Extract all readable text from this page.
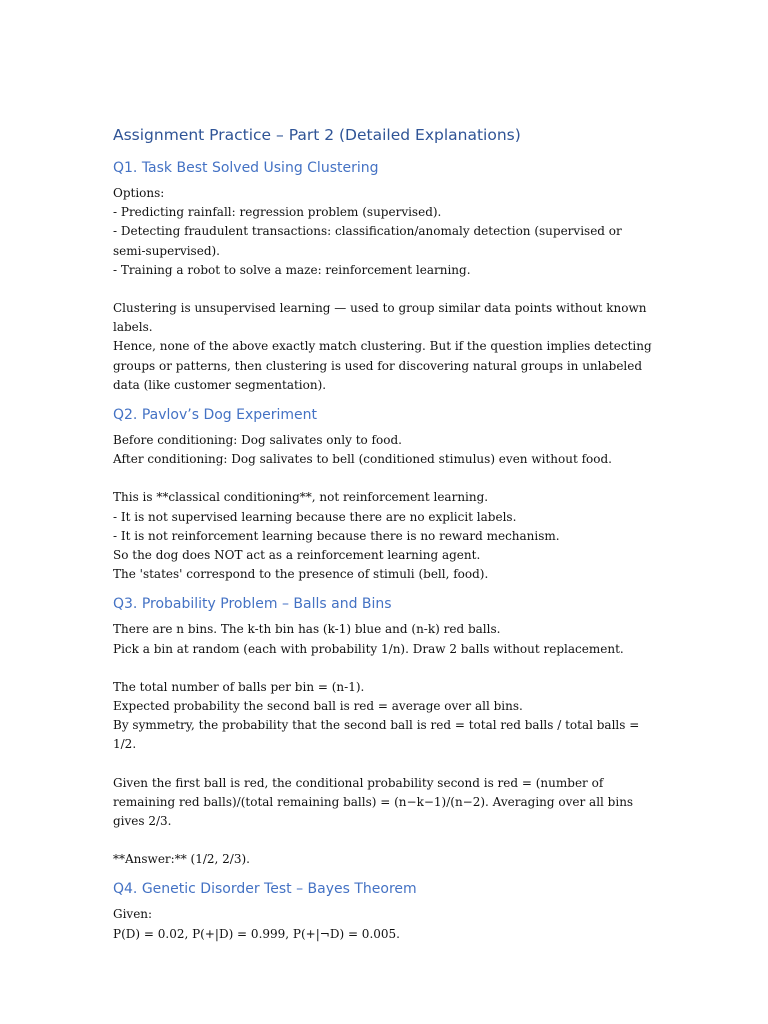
Assignment Practice – Part 2 (Detailed Explanations)
Q1. Task Best Solved Using Clustering
Options:
- Predicting rainfall: regression problem (supervised).
- Detecting fraudulent transactions: classification/anomaly detection (supervised or semi-supervised).
- Training a robot to solve a maze: reinforcement learning.
Clustering is unsupervised learning — used to group similar data points without known labels.
Hence, none of the above exactly match clustering. But if the question implies detecting groups or patterns, then clustering is used for discovering natural groups in unlabeled data (like customer segmentation).
Q2. Pavlov’s Dog Experiment
Before conditioning: Dog salivates only to food.
After conditioning: Dog salivates to bell (conditioned stimulus) even without food.
This is **classical conditioning**, not reinforcement learning.
- It is not supervised learning because there are no explicit labels.
- It is not reinforcement learning because there is no reward mechanism.
So the dog does NOT act as a reinforcement learning agent.
The 'states' correspond to the presence of stimuli (bell, food).
Q3. Probability Problem – Balls and Bins
There are n bins. The k-th bin has (k-1) blue and (n-k) red balls.
Pick a bin at random (each with probability 1/n). Draw 2 balls without replacement.
The total number of balls per bin = (n-1).
Expected probability the second ball is red = average over all bins.
By symmetry, the probability that the second ball is red = total red balls / total balls = 1/2.
Given the first ball is red, the conditional probability second is red = (number of remaining red balls)/(total remaining balls) = (n−k−1)/(n−2). Averaging over all bins gives 2/3.
**Answer:** (1/2, 2/3).
Q4. Genetic Disorder Test – Bayes Theorem
Given:
P(D) = 0.02, P(+|D) = 0.999, P(+|¬D) = 0.005.
